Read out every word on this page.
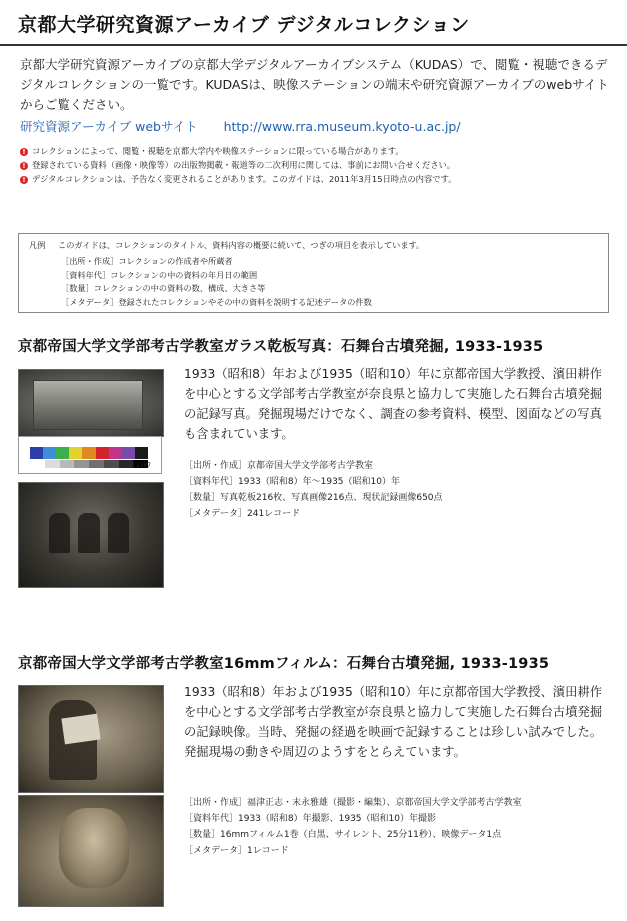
京都大学研究資源アーカイブ デジタルコレクション
京都大学研究資源アーカイブの京都大学デジタルアーカイブシステム（KUDAS）で、閲覧・視聴できるデジタルコレクションの一覧です。KUDASは、映像ステーションの端末や研究資源アーカイブのwebサイトからご覧ください。
研究資源アーカイブ webサイト http://www.rra.museum.kyoto-u.ac.jp/
! コレクションによって、閲覧・視聴を京都大学内や映像ステーションに限っている場合があります。
! 登録されている資料（画像・映像等）の出版物掲載・報道等の二次利用に関しては、事前にお問い合せください。
! デジタルコレクションは、予告なく変更されることがあります。このガイドは、2011年3月15日時点の内容です。
凡例 このガイドは、コレクションのタイトル、資料内容の概要に続いて、つぎの項目を表示しています。
［出所・作成］コレクションの作成者や所蔵者
［資料年代］コレクションの中の資料の年月日の範囲
［数量］コレクションの中の資料の数、構成、大きさ等
［メタデータ］登録されたコレクションやその中の資料を説明する記述データの件数
京都帝国大学文学部考古学教室ガラス乾板写真：石舞台古墳発掘, 1933-1935
12387
1933（昭和8）年および1935（昭和10）年に京都帝国大学教授、濱田耕作を中心とする文学部考古学教室が奈良県と協力して実施した石舞台古墳発掘の記録写真。発掘現場だけでなく、調査の参考資料、模型、図面などの写真も含まれています。
［出所・作成］京都帝国大学文学部考古学教室
［資料年代］1933（昭和8）年～1935（昭和10）年
［数量］写真乾板216枚、写真画像216点、現状記録画像650点
［メタデータ］241レコード
京都帝国大学文学部考古学教室16mmフィルム：石舞台古墳発掘, 1933-1935
1933（昭和8）年および1935（昭和10）年に京都帝国大学教授、濱田耕作を中心とする文学部考古学教室が奈良県と協力して実施した石舞台古墳発掘の記録映像。当時、発掘の経過を映画で記録することは珍しい試みでした。発掘現場の動きや周辺のようすをとらえています。
［出所・作成］福津正志・末永雅雄（撮影・編集）、京都帝国大学文学部考古学教室
［資料年代］1933（昭和8）年撮影、1935（昭和10）年撮影
［数量］16mmフィルム1巻（白黒、サイレント、25分11秒）、映像データ1点
［メタデータ］1レコード
